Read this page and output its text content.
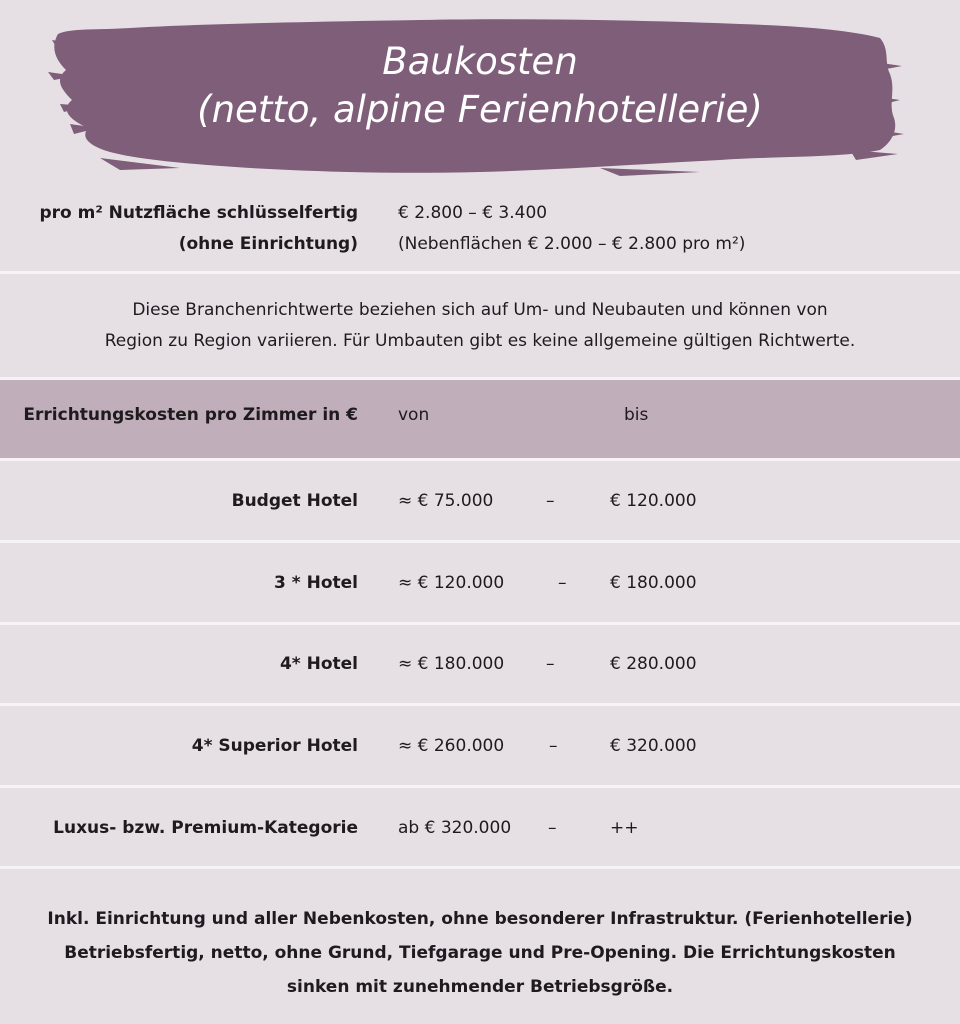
Baukosten
(netto, alpine Ferienhotellerie)
pro m² Nutzfläche schlüsselfertig
(ohne Einrichtung)
€ 2.800 – € 3.400
(Nebenflächen € 2.000 – € 2.800 pro m²)
Diese Branchenrichtwerte beziehen sich auf Um- und Neubauten und können von
Region zu Region variieren. Für Umbauten gibt es keine allgemeine gültigen Richtwerte.
Errichtungskosten pro Zimmer in € von	bis
Budget Hotel ≈ € 75.000	–	€ 120.000
3 * Hotel ≈ € 120.000	–	€ 180.000
4* Hotel ≈ € 180.000 –	€ 280.000
4* Superior Hotel ≈ € 260.000	–	€ 320.000
Luxus- bzw. Premium-Kategorie ab € 320.000 –	++
Inkl. Einrichtung und aller Nebenkosten, ohne besonderer Infrastruktur. (Ferienhotellerie)
Betriebsfertig, netto, ohne Grund, Tiefgarage und Pre-Opening. Die Errichtungskosten
sinken mit zunehmender Betriebsgröße.
